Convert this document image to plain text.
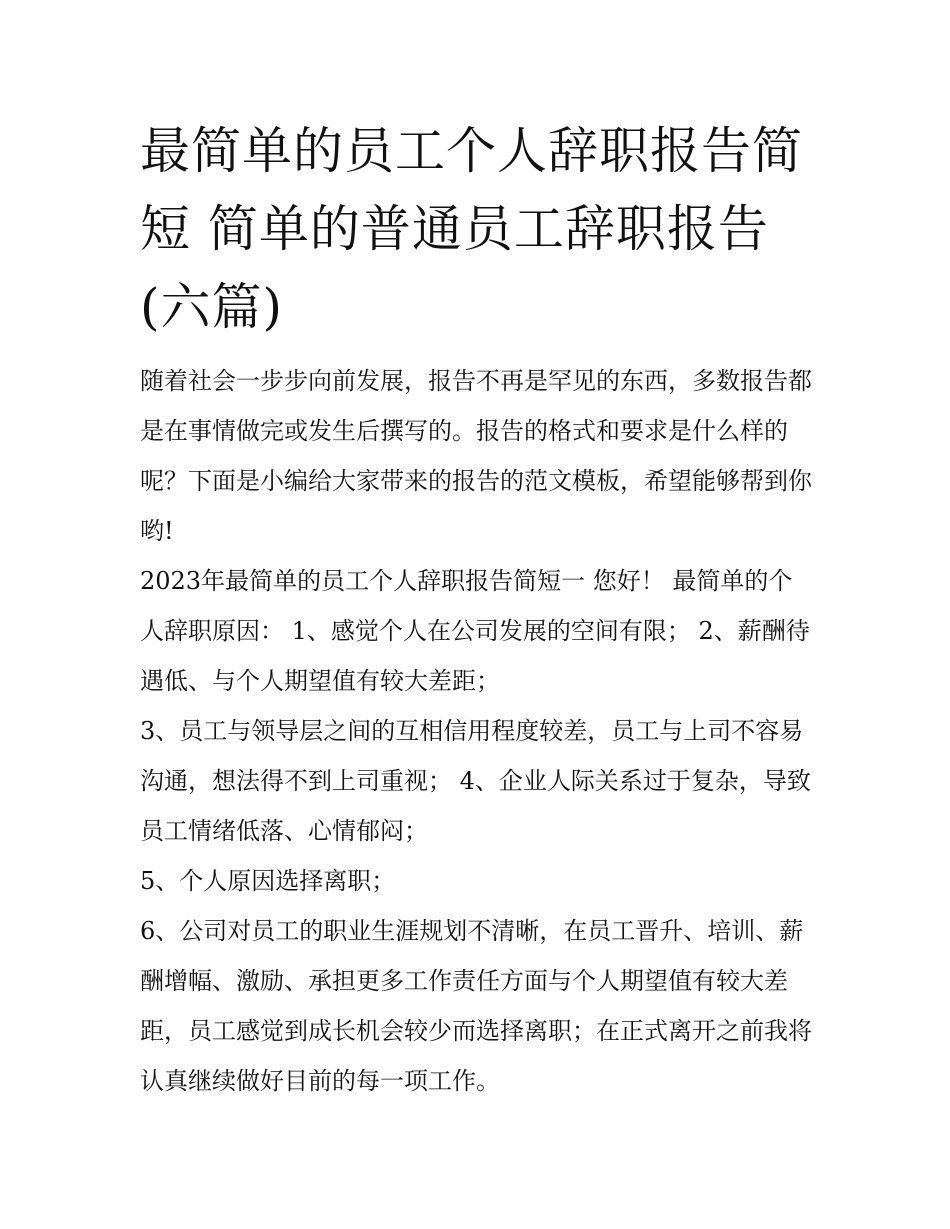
最简单的员工个人辞职报告简短 简单的普通员工辞职报告(六篇)

随着社会一步步向前发展，报告不再是罕见的东西，多数报告都是在事情做完或发生后撰写的。报告的格式和要求是什么样的呢？下面是小编给大家带来的报告的范文模板，希望能够帮到你哟!

2023年最简单的员工个人辞职报告简短一 您好！ 最简单的个人辞职原因： 1、感觉个人在公司发展的空间有限； 2、薪酬待遇低、与个人期望值有较大差距；

3、员工与领导层之间的互相信用程度较差，员工与上司不容易沟通，想法得不到上司重视； 4、企业人际关系过于复杂，导致员工情绪低落、心情郁闷；

5、个人原因选择离职；

6、公司对员工的职业生涯规划不清晰，在员工晋升、培训、薪酬增幅、激励、承担更多工作责任方面与个人期望值有较大差距，员工感觉到成长机会较少而选择离职；在正式离开之前我将认真继续做好目前的每一项工作。
